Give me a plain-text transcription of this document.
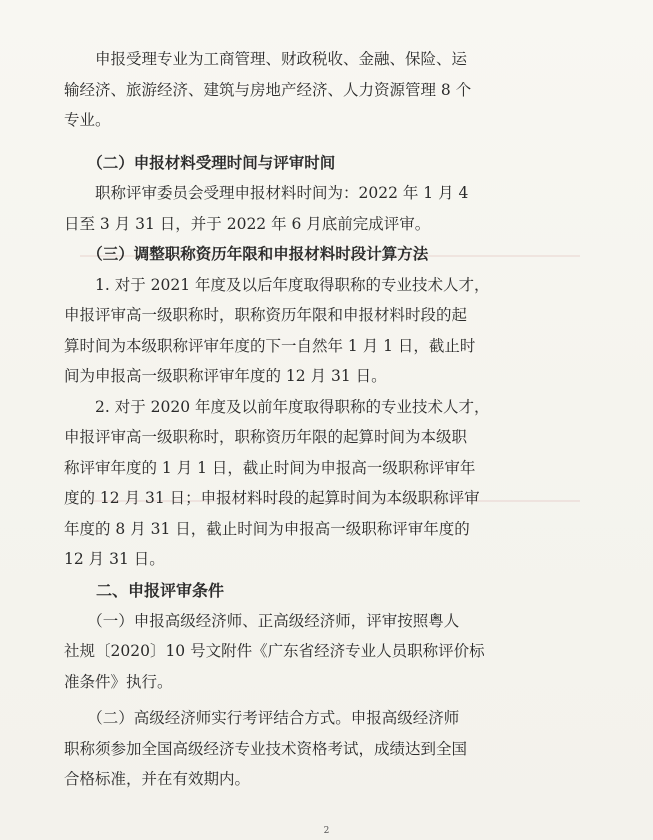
　　申报受理专业为工商管理、财政税收、金融、保险、运
输经济、旅游经济、建筑与房地产经济、人力资源管理 8 个
专业。

　　（二）申报材料受理时间与评审时间

　　职称评审委员会受理申报材料时间为：2022 年 1 月 4
日至 3 月 31 日，并于 2022 年 6 月底前完成评审。

　　（三）调整职称资历年限和申报材料时段计算方法

　　1. 对于 2021 年度及以后年度取得职称的专业技术人才，
申报评审高一级职称时，职称资历年限和申报材料时段的起
算时间为本级职称评审年度的下一自然年 1 月 1 日，截止时
间为申报高一级职称评审年度的 12 月 31 日。

　　2. 对于 2020 年度及以前年度取得职称的专业技术人才，
申报评审高一级职称时，职称资历年限的起算时间为本级职
称评审年度的 1 月 1 日，截止时间为申报高一级职称评审年
度的 12 月 31 日；申报材料时段的起算时间为本级职称评审
年度的 8 月 31 日，截止时间为申报高一级职称评审年度的
12 月 31 日。

　　二、申报评审条件

　　（一）申报高级经济师、正高级经济师，评审按照粤人
社规〔2020〕10 号文附件《广东省经济专业人员职称评价标
准条件》执行。

　　（二）高级经济师实行考评结合方式。申报高级经济师
职称须参加全国高级经济专业技术资格考试，成绩达到全国
合格标准，并在有效期内。

2
